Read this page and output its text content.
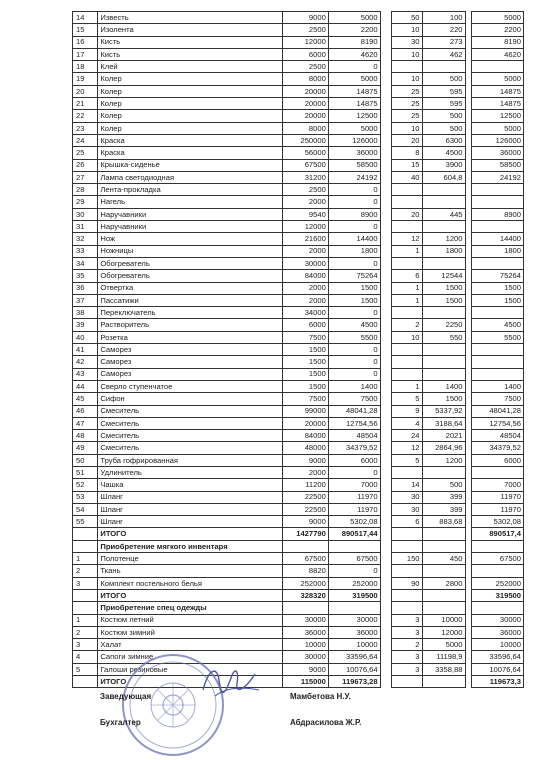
14	Известь	9000	5000		50	100		5000
15	Изолента	2500	2200		10	220		2200
16	Кисть	12000	8190		30	273		8190
17	Кисть	6000	4620		10	462		4620
18	Клей	2500	0					
19	Колер	8000	5000		10	500		5000
20	Колер	20000	14875		25	595		14875
21	Колер	20000	14875		25	595		14875
22	Колер	20000	12500		25	500		12500
23	Колер	8000	5000		10	500		5000
24	Краска	250000	126000		20	6300		126000
25	Краска	56000	36000		8	4500		36000
26	Крышка-сиденье	67500	58500		15	3900		58500
27	Лампа светодиодная	31200	24192		40	604,8		24192
28	Лента-прокладка	2500	0					
29	Нагель	2000	0					
30	Наручавники	9540	8900		20	445		8900
31	Наручавники	12000	0					
32	Нож	21600	14400		12	1200		14400
33	Ножницы	2000	1800		1	1800		1800
34	Обогреватель	30000	0					
35	Обогреватель	84000	75264		6	12544		75264
36	Отвертка	2000	1500		1	1500		1500
37	Пассатижи	2000	1500		1	1500		1500
38	Переключатель	34000	0					
39	Растворитель	6000	4500		2	2250		4500
40	Розетка	7500	5500		10	550		5500
41	Саморез	1500	0					
42	Саморез	1500	0					
43	Саморез	1500	0					
44	Сверло ступенчатое	1500	1400		1	1400		1400
45	Сифон	7500	7500		5	1500		7500
46	Смеситель	99000	48041,28		9	5337,92		48041,28
47	Смеситель	20000	12754,56		4	3188,64		12754,56
48	Смеситель	84000	48504		24	2021		48504
49	Смеситель	48000	34379,52		12	2864,96		34379,52
50	Труба гофрированная	9000	6000		5	1200		6000
51	Удлинитель	2000	0					
52	Чашка	11200	7000		14	500		7000
53	Шланг	22500	11970		30	399		11970
54	Шланг	22500	11970		30	399		11970
55	Шланг	9000	5302,08		6	883,68		5302,08
	ИТОГО	1427790	890517,44					890517,4
	Приобретение мягкого инвентаря							
1	Полотенце	67500	67500		150	450		67500
2	Ткань	8820	0					
3	Комплект постельного белья	252000	252000		90	2800		252000
	ИТОГО	328320	319500					319500
	Приобретение спец одежды							
1	Костюм летний	30000	30000		3	10000		30000
2	Костюм зимний	36000	36000		3	12000		36000
3	Халат	10000	10000		2	5000		10000
4	Сапоги зимние	30000	33596,64		3	11198,9		33596,64
5	Галоши резиновые	9000	10076,64		3	3358,88		10076,64
	ИТОГО	115000	119673,28					119673,3
Заведующая	Мамбетова Н.У.
Бухгалтер	Абдрасилова Ж.Р.
